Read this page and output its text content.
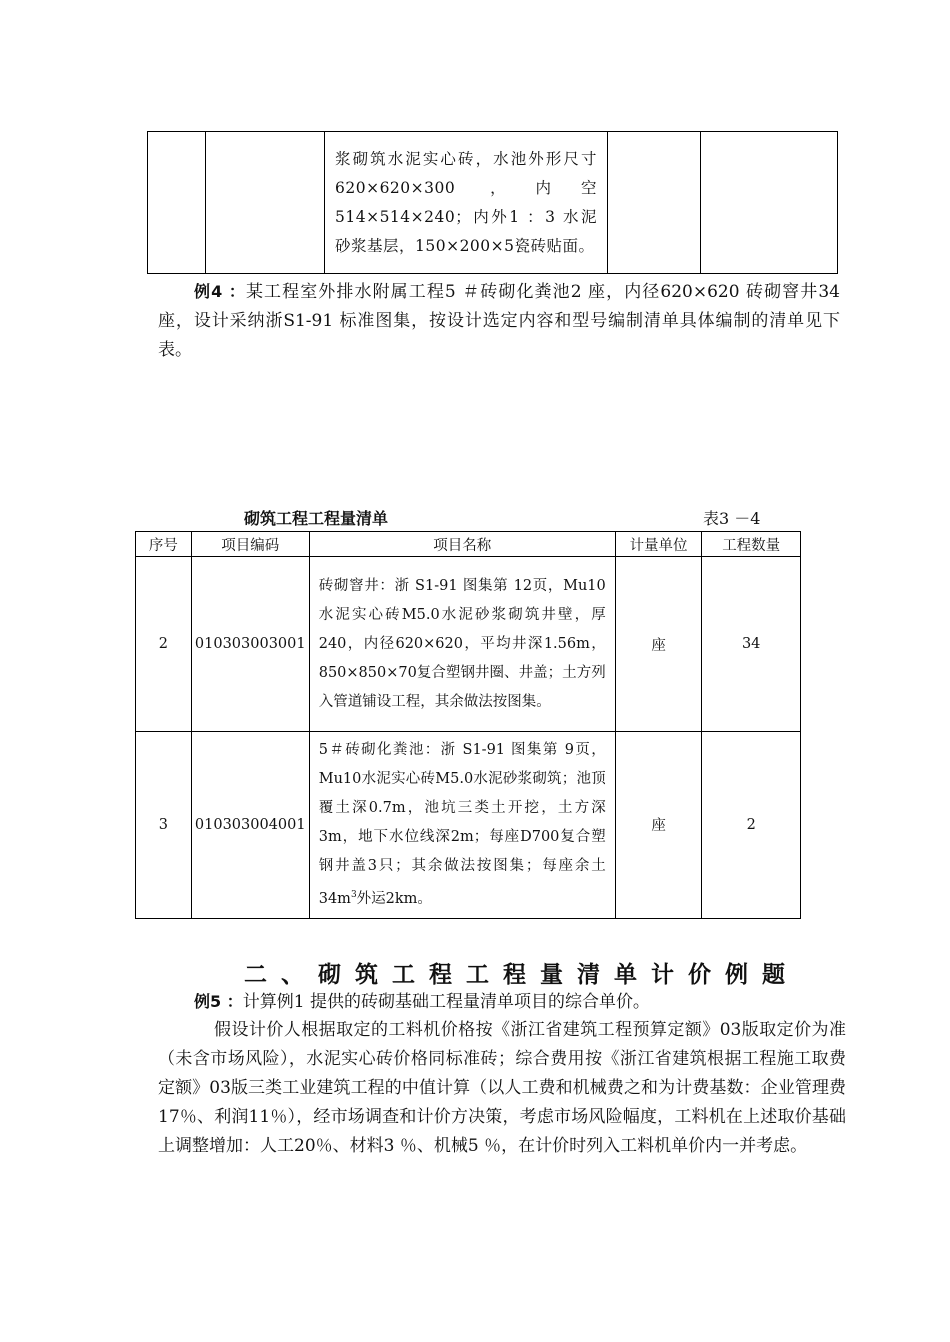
浆砌筑水泥实心砖，水池外形尺寸 620×620×300 ，内空514×514×240；内外1 ：3 水泥砂浆基层，150×200×5瓷砖贴面。

例4 ：某工程室外排水附属工程5 ＃砖砌化粪池2 座，内径620×620 砖砌窨井34座，设计采纳浙S1-91 标准图集，按设计选定内容和型号编制清单具体编制的清单见下表。

砌筑工程工程量清单	表3 －4
序号	项目编码	项目名称	计量单位	工程数量
2	010303003001	砖砌窨井：浙 S1-91 图集第 12页，Mu10水泥实心砖M5.0水泥砂浆砌筑井壁，厚240，内径620×620，平均井深1.56m，850×850×70复合塑钢井圈、井盖；土方列入管道铺设工程，其余做法按图集。	座	34
3	010303004001	5＃砖砌化粪池：浙 S1-91 图集第 9页，Mu10水泥实心砖M5.0水泥砂浆砌筑；池顶覆土深0.7m，池坑三类土开挖，土方深3m，地下水位线深2m；每座D700复合塑钢井盖3只；其余做法按图集；每座余土$34m^3$外运2km。	座	2
二、砌筑工程工程量清单计价例题

例5 ：计算例1 提供的砖砌基础工程量清单项目的综合单价。

假设计价人根据取定的工料机价格按《浙江省建筑工程预算定额》03版取定价为准（未含市场风险），水泥实心砖价格同标准砖；综合费用按《浙江省建筑根据工程施工取费定额》03版三类工业建筑工程的中值计算（以人工费和机械费之和为计费基数：企业管理费17％、利润11％），经市场调查和计价方决策，考虑市场风险幅度，工料机在上述取价基础上调整增加：人工20％、材料3 ％、机械5 ％，在计价时列入工料机单价内一并考虑。
